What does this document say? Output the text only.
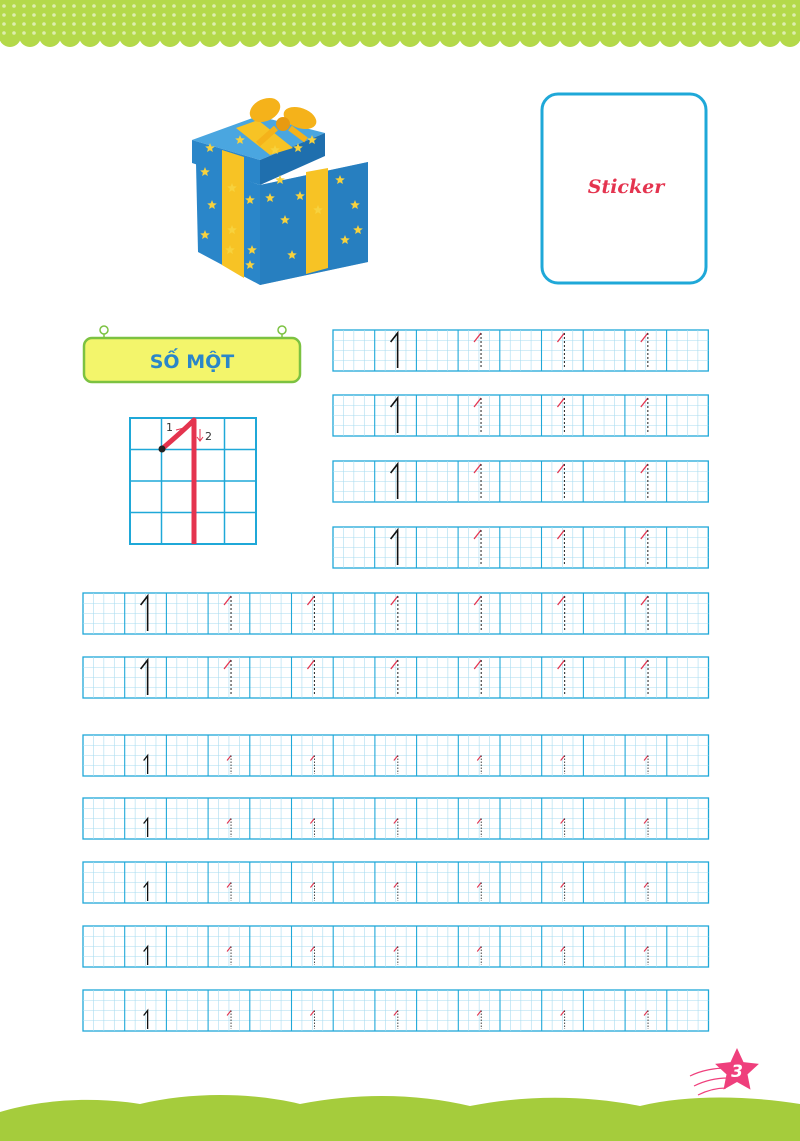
Sticker
SỐ MỘT
1
2
3
